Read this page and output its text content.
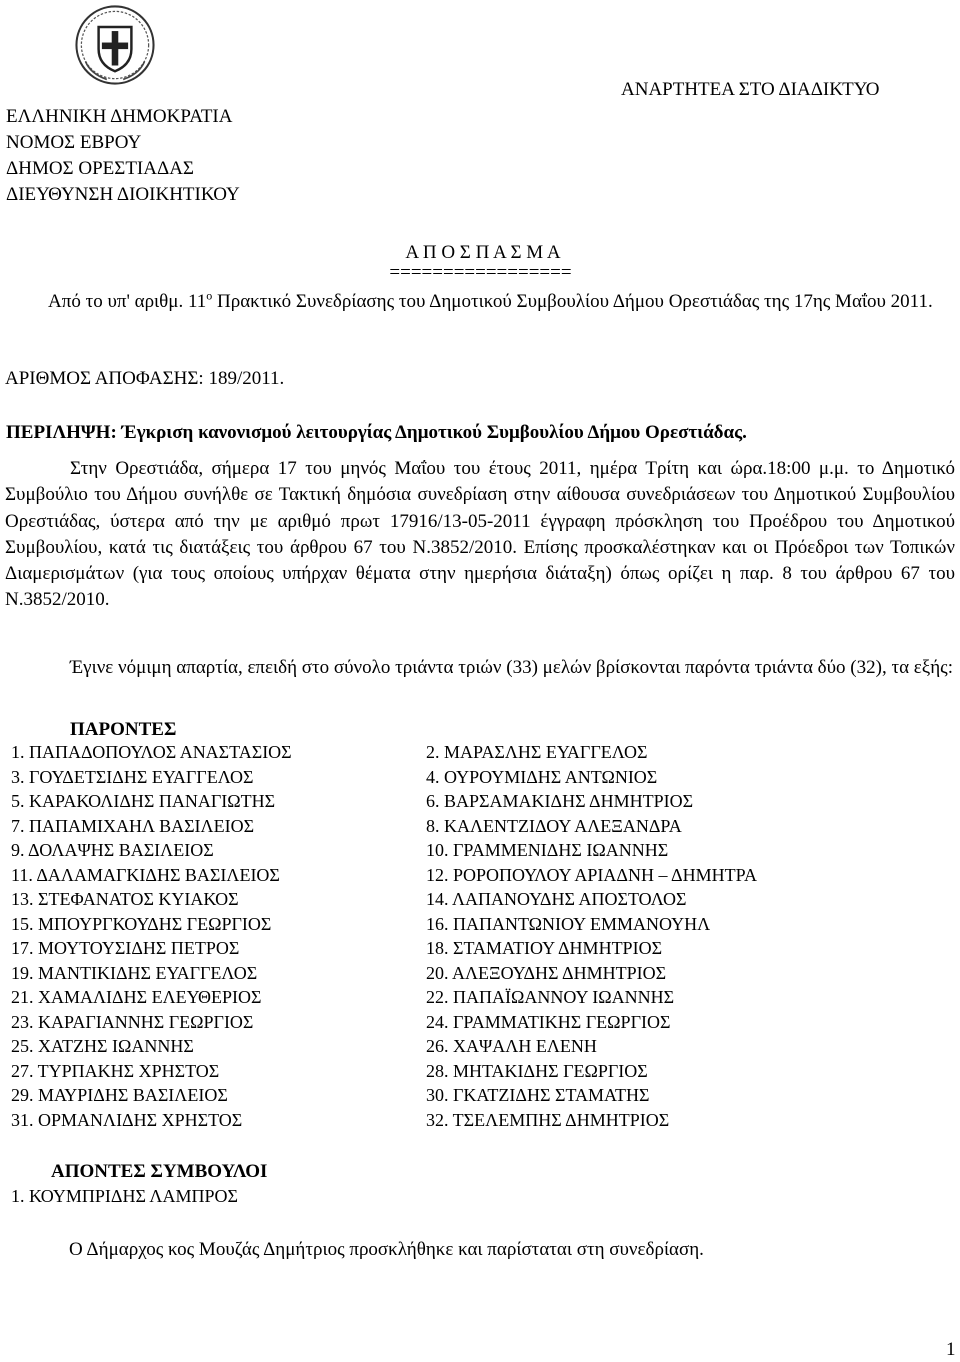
ΕΛΛΗΝΙΚΗ ΔΗΜΟΚΡΑΤΙΑ
ΝΟΜΟΣ ΕΒΡΟΥ
ΔΗΜΟΣ ΟΡΕΣΤΙΑΔΑΣ
ΔΙΕΥΘΥΝΣΗ ΔΙΟΙΚΗΤΙΚΟΥ
ΑΝΑΡΤΗΤΕΑ ΣΤΟ ΔΙΑΔΙΚΤΥΟ
Α Π Ο Σ Π Α Σ Μ Α
=================
Από το υπ' αριθμ. $11^o$ Πρακτικό Συνεδρίασης του Δημοτικού Συμβουλίου Δήμου Ορεστιάδας της 17ης Μαΐου 2011.
ΑΡΙΘΜΟΣ ΑΠΟΦΑΣΗΣ: 189/2011.
ΠΕΡΙΛΗΨΗ: Έγκριση κανονισμού λειτουργίας Δημοτικού Συμβουλίου Δήμου Ορεστιάδας.
Στην Ορεστιάδα, σήμερα 17 του μηνός Μαΐου του έτους 2011, ημέρα Τρίτη και ώρα.18:00 μ.μ. το Δημοτικό Συμβούλιο του Δήμου συνήλθε σε Τακτική δημόσια συνεδρίαση στην αίθουσα συνεδριάσεων του Δημοτικού Συμβουλίου Ορεστιάδας, ύστερα από την με αριθμό πρωτ 17916/13-05-2011 έγγραφη πρόσκληση του Προέδρου του Δημοτικού Συμβουλίου, κατά τις διατάξεις του άρθρου 67 του Ν.3852/2010. Επίσης προσκαλέστηκαν και οι Πρόεδροι των Τοπικών Διαμερισμάτων (για τους οποίους υπήρχαν θέματα στην ημερήσια διάταξη) όπως ορίζει η παρ. 8 του άρθρου 67 του Ν.3852/2010.
Έγινε νόμιμη απαρτία, επειδή στο σύνολο τριάντα τριών (33) μελών βρίσκονται παρόντα τριάντα δύο (32), τα εξής:
ΠΑΡΟΝΤΕΣ
1. ΠΑΠΑΔΟΠΟΥΛΟΣ ΑΝΑΣΤΑΣΙΟΣ	2. ΜΑΡΑΣΛΗΣ ΕΥΑΓΓΕΛΟΣ
3. ΓΟΥΔΕΤΣΙΔΗΣ ΕΥΑΓΓΕΛΟΣ	4. ΟΥΡΟΥΜΙΔΗΣ ΑΝΤΩΝΙΟΣ
5. ΚΑΡΑΚΟΛΙΔΗΣ ΠΑΝΑΓΙΩΤΗΣ	6. ΒΑΡΣΑΜΑΚΙΔΗΣ ΔΗΜΗΤΡΙΟΣ
7. ΠΑΠΑΜΙΧΑΗΛ ΒΑΣΙΛΕΙΟΣ	8. ΚΑΛΕΝΤΖΙΔΟΥ ΑΛΕΞΑΝΔΡΑ
9. ΔΟΛΑΨΗΣ ΒΑΣΙΛΕΙΟΣ	10. ΓΡΑΜΜΕΝΙΔΗΣ ΙΩΑΝΝΗΣ
11. ΔΑΛΑΜΑΓΚΙΔΗΣ ΒΑΣΙΛΕΙΟΣ	12. ΡΟΡΟΠΟΥΛΟΥ ΑΡΙΑΔΝΗ – ΔΗΜΗΤΡΑ
13. ΣΤΕΦΑΝΑΤΟΣ ΚΥΙΑΚΟΣ	14. ΛΑΠΑΝΟΥΔΗΣ ΑΠΟΣΤΟΛΟΣ
15. ΜΠΟΥΡΓΚΟΥΔΗΣ ΓΕΩΡΓΙΟΣ	16. ΠΑΠΑΝΤΩΝΙΟΥ ΕΜΜΑΝΟΥΗΛ
17. ΜΟΥΤΟΥΣΙΔΗΣ ΠΕΤΡΟΣ	18. ΣΤΑΜΑΤΙΟΥ ΔΗΜΗΤΡΙΟΣ
19. ΜΑΝΤΙΚΙΔΗΣ ΕΥΑΓΓΕΛΟΣ	20. ΑΛΕΞΟΥΔΗΣ ΔΗΜΗΤΡΙΟΣ
21. ΧΑΜΑΛΙΔΗΣ ΕΛΕΥΘΕΡΙΟΣ	22. ΠΑΠΑΪΩΑΝΝΟΥ ΙΩΑΝΝΗΣ
23. ΚΑΡΑΓΙΑΝΝΗΣ ΓΕΩΡΓΙΟΣ	24. ΓΡΑΜΜΑΤΙΚΗΣ ΓΕΩΡΓΙΟΣ
25. ΧΑΤΖΗΣ ΙΩΑΝΝΗΣ	26. ΧΑΨΑΛΗ ΕΛΕΝΗ
27. ΤΥΡΠΑΚΗΣ ΧΡΗΣΤΟΣ	28. ΜΗΤΑΚΙΔΗΣ ΓΕΩΡΓΙΟΣ
29. ΜΑΥΡΙΔΗΣ ΒΑΣΙΛΕΙΟΣ	30. ΓΚΑΤΖΙΔΗΣ ΣΤΑΜΑΤΗΣ
31. ΟΡΜΑΝΛΙΔΗΣ ΧΡΗΣΤΟΣ	32. ΤΣΕΛΕΜΠΗΣ ΔΗΜΗΤΡΙΟΣ
ΑΠΟΝΤΕΣ ΣΥΜΒΟΥΛΟΙ
1. ΚΟΥΜΠΡΙΔΗΣ ΛΑΜΠΡΟΣ
Ο Δήμαρχος κος Μουζάς Δημήτριος προσκλήθηκε και παρίσταται στη συνεδρίαση.
1
